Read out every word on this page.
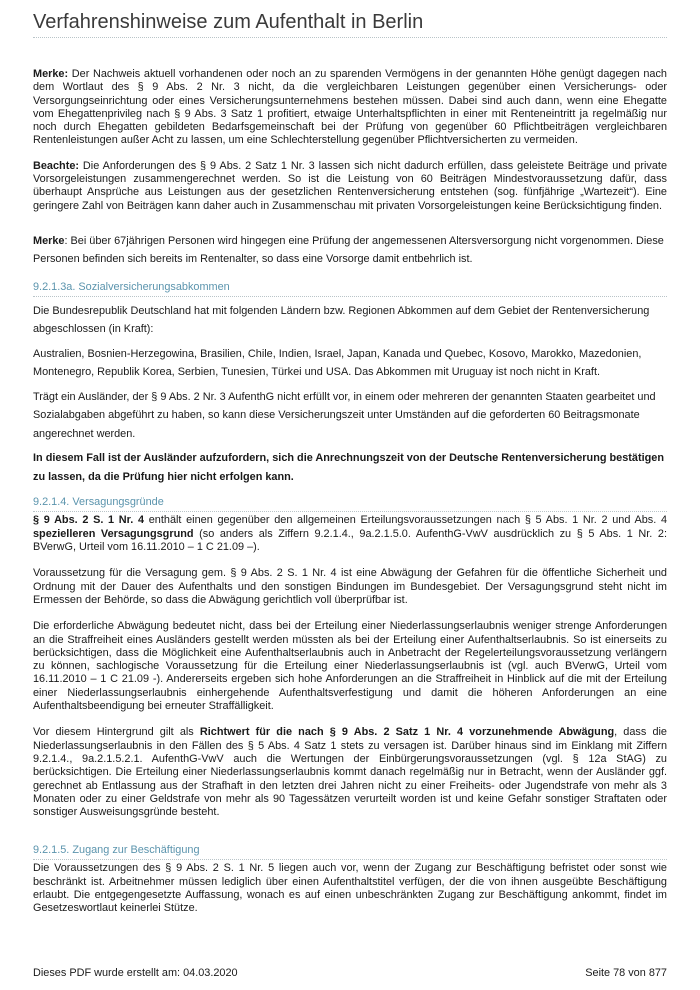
Verfahrenshinweise zum Aufenthalt in Berlin

Merke: Der Nachweis aktuell vorhandenen oder noch an zu sparenden Vermögens in der genannten Höhe genügt dagegen nach dem Wortlaut des § 9 Abs. 2 Nr. 3 nicht, da die vergleichbaren Leistungen gegenüber einen Versicherungs- oder Versorgungseinrichtung oder eines Versicherungsunternehmens bestehen müssen. Dabei sind auch dann, wenn eine Ehegatte vom Ehegattenprivileg nach § 9 Abs. 3 Satz 1 profitiert, etwaige Unterhaltspflichten in einer mit Renteneintritt ja regelmäßig nur noch durch Ehegatten gebildeten Bedarfsgemeinschaft bei der Prüfung von gegenüber 60 Pflichtbeiträgen vergleichbaren Rentenleistungen außer Acht zu lassen, um eine Schlechterstellung gegenüber Pflichtversicherten zu vermeiden.

Beachte: Die Anforderungen des § 9 Abs. 2 Satz 1 Nr. 3 lassen sich nicht dadurch erfüllen, dass geleistete Beiträge und private Vorsorgeleistungen zusammengerechnet werden. So ist die Leistung von 60 Beiträgen Mindestvoraussetzung dafür, dass überhaupt Ansprüche aus Leistungen aus der gesetzlichen Rentenversicherung entstehen (sog. fünfjährige „Wartezeit“). Eine geringere Zahl von Beiträgen kann daher auch in Zusammenschau mit privaten Vorsorgeleistungen keine Berücksichtigung finden.

Merke: Bei über 67jährigen Personen wird hingegen eine Prüfung der angemessenen Altersversorgung nicht vorgenommen. Diese Personen befinden sich bereits im Rentenalter, so dass eine Vorsorge damit entbehrlich ist.

9.2.1.3a. Sozialversicherungsabkommen

Die Bundesrepublik Deutschland hat mit folgenden Ländern bzw. Regionen Abkommen auf dem Gebiet der Rentenversicherung abgeschlossen (in Kraft):

Australien, Bosnien-Herzegowina, Brasilien, Chile, Indien, Israel, Japan, Kanada und Quebec, Kosovo, Marokko, Mazedonien, Montenegro, Republik Korea, Serbien, Tunesien, Türkei und USA. Das Abkommen mit Uruguay ist noch nicht in Kraft.

Trägt ein Ausländer, der § 9 Abs. 2 Nr. 3 AufenthG nicht erfüllt vor, in einem oder mehreren der genannten Staaten gearbeitet und Sozialabgaben abgeführt zu haben, so kann diese Versicherungszeit unter Umständen auf die geforderten 60 Beitragsmonate angerechnet werden.

In diesem Fall ist der Ausländer aufzufordern, sich die Anrechnungszeit von der Deutsche Rentenversicherung bestätigen zu lassen, da die Prüfung hier nicht erfolgen kann.

9.2.1.4. Versagungsgründe

§ 9 Abs. 2 S. 1 Nr. 4 enthält einen gegenüber den allgemeinen Erteilungsvoraussetzungen nach § 5 Abs. 1 Nr. 2 und Abs. 4 spezielleren Versagungsgrund (so anders als Ziffern 9.2.1.4., 9a.2.1.5.0. AufenthG-VwV ausdrücklich zu § 5 Abs. 1 Nr. 2: BVerwG, Urteil vom 16.11.2010 – 1 C 21.09 –).

Voraussetzung für die Versagung gem. § 9 Abs. 2 S. 1 Nr. 4 ist eine Abwägung der Gefahren für die öffentliche Sicherheit und Ordnung mit der Dauer des Aufenthalts und den sonstigen Bindungen im Bundesgebiet. Der Versagungsgrund steht nicht im Ermessen der Behörde, so dass die Abwägung gerichtlich voll überprüfbar ist.

Die erforderliche Abwägung bedeutet nicht, dass bei der Erteilung einer Niederlassungserlaubnis weniger strenge Anforderungen an die Straffreiheit eines Ausländers gestellt werden müssten als bei der Erteilung einer Aufenthaltserlaubnis. So ist einerseits zu berücksichtigen, dass die Möglichkeit eine Aufenthaltserlaubnis auch in Anbetracht der Regelerteilungsvoraussetzung verlängern zu können, sachlogische Voraussetzung für die Erteilung einer Niederlassungserlaubnis ist (vgl. auch BVerwG, Urteil vom 16.11.2010 – 1 C 21.09 -). Andererseits ergeben sich hohe Anforderungen an die Straffreiheit in Hinblick auf die mit der Erteilung einer Niederlassungserlaubnis einhergehende Aufenthaltsverfestigung und damit die höheren Anforderungen an eine Aufenthaltsbeendigung bei erneuter Straffälligkeit.

Vor diesem Hintergrund gilt als Richtwert für die nach § 9 Abs. 2 Satz 1 Nr. 4 vorzunehmende Abwägung, dass die Niederlassungserlaubnis in den Fällen des § 5 Abs. 4 Satz 1 stets zu versagen ist. Darüber hinaus sind im Einklang mit Ziffern 9.2.1.4., 9a.2.1.5.2.1. AufenthG-VwV auch die Wertungen der Einbürgerungsvoraussetzungen (vgl. § 12a StAG) zu berücksichtigen. Die Erteilung einer Niederlassungserlaubnis kommt danach regelmäßig nur in Betracht, wenn der Ausländer ggf. gerechnet ab Entlassung aus der Strafhaft in den letzten drei Jahren nicht zu einer Freiheits- oder Jugendstrafe von mehr als 3 Monaten oder zu einer Geldstrafe von mehr als 90 Tagessätzen verurteilt worden ist und keine Gefahr sonstiger Straftaten oder sonstiger Ausweisungsgründe besteht.

9.2.1.5. Zugang zur Beschäftigung

Die Voraussetzungen des § 9 Abs. 2 S. 1 Nr. 5 liegen auch vor, wenn der Zugang zur Beschäftigung befristet oder sonst wie beschränkt ist. Arbeitnehmer müssen lediglich über einen Aufenthaltstitel verfügen, der die von ihnen ausgeübte Beschäftigung erlaubt. Die entgegengesetzte Auffassung, wonach es auf einen unbeschränkten Zugang zur Beschäftigung ankommt, findet im Gesetzeswortlaut keinerlei Stütze.

Dieses PDF wurde erstellt am: 04.03.2020	Seite 78 von 877
